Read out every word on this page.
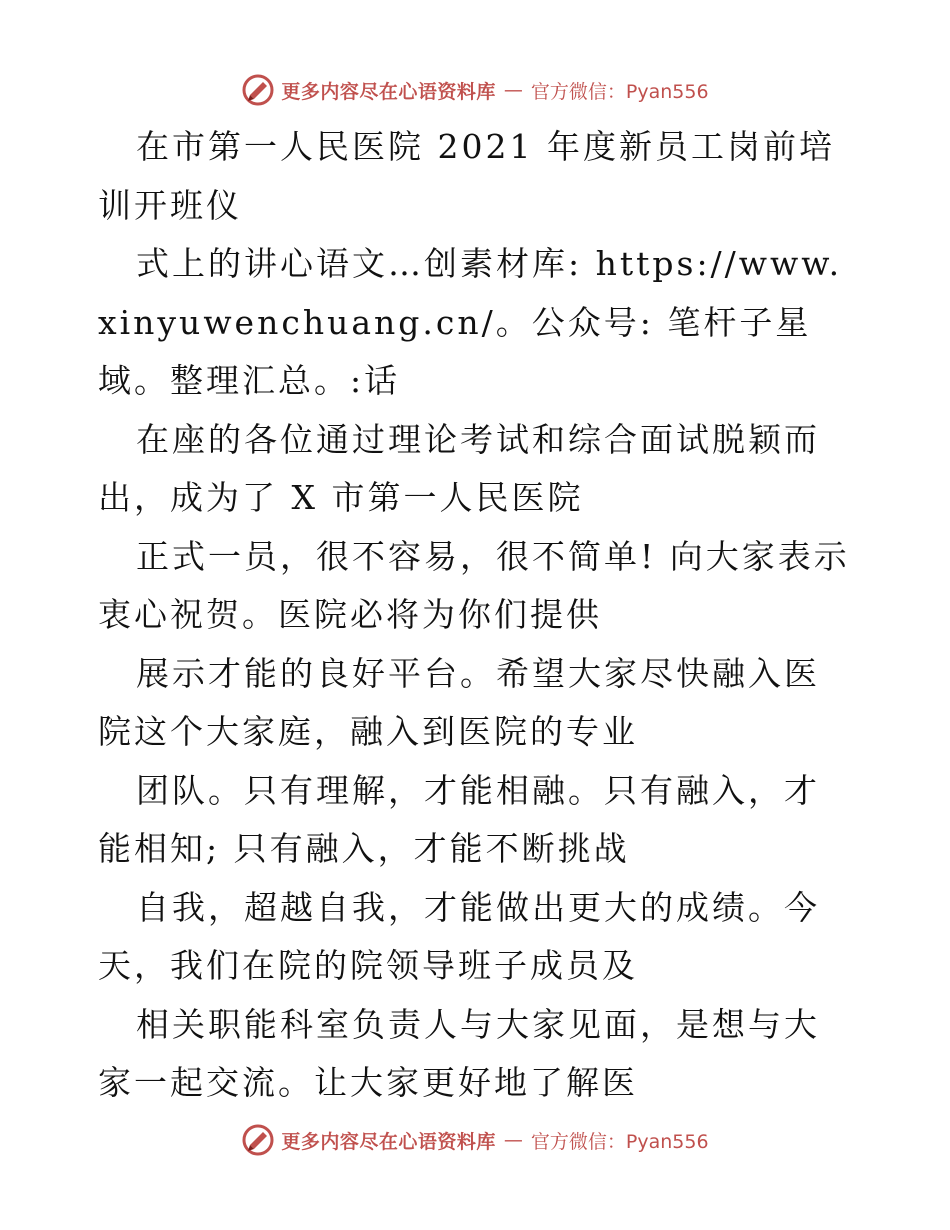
更多内容尽在心语资料库 — 官方微信：Pyan556

在市第一人民医院 2021 年度新员工岗前培训开班仪

式上的讲心语文…创素材库: https://www.xinyuwenchuang.cn/。公众号: 笔杆子星域。整理汇总。:话

在座的各位通过理论考试和综合面试脱颖而出，成为了 X 市第一人民医院

正式一员，很不容易，很不简单! 向大家表示衷心祝贺。医院必将为你们提供

展示才能的良好平台。希望大家尽快融入医院这个大家庭，融入到医院的专业

团队。只有理解，才能相融。只有融入，才能相知; 只有融入，才能不断挑战

自我，超越自我，才能做出更大的成绩。今天，我们在院的院领导班子成员及

相关职能科室负责人与大家见面，是想与大家一起交流。让大家更好地了解医

更多内容尽在心语资料库 — 官方微信：Pyan556
